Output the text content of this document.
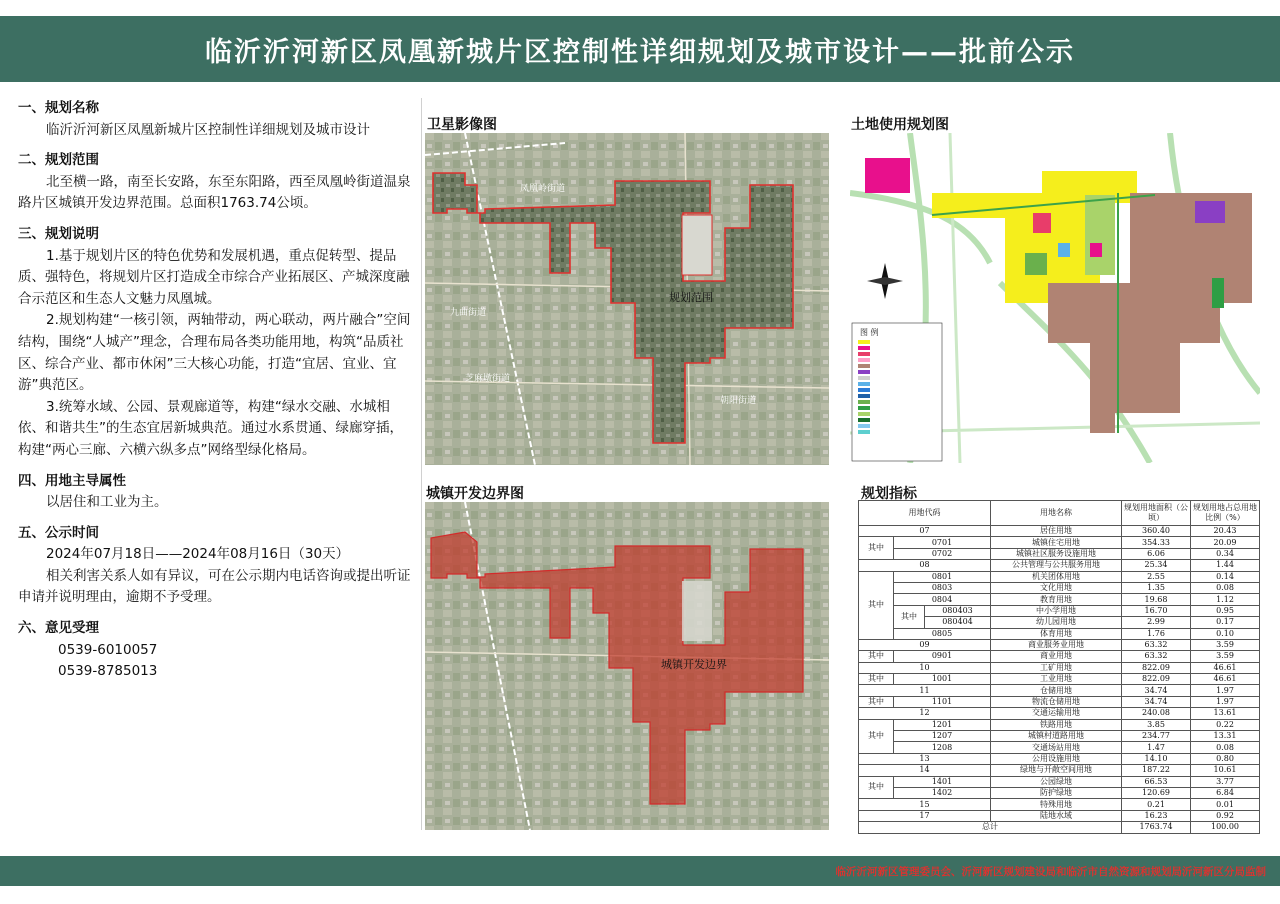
临沂沂河新区凤凰新城片区控制性详细规划及城市设计——批前公示
一、规划名称
临沂沂河新区凤凰新城片区控制性详细规划及城市设计
二、规划范围
北至横一路，南至长安路，东至东阳路，西至凤凰岭街道温泉路片区城镇开发边界范围。总面积1763.74公顷。
三、规划说明
1.基于规划片区的特色优势和发展机遇，重点促转型、提品质、强特色，将规划片区打造成全市综合产业拓展区、产城深度融合示范区和生态人文魅力凤凰城。
2.规划构建“一核引领，两轴带动，两心联动，两片融合”空间结构，围绕“人城产”理念，合理布局各类功能用地，构筑“品质社区、综合产业、都市休闲”三大核心功能，打造“宜居、宜业、宜游”典范区。
3.统筹水域、公园、景观廊道等，构建“绿水交融、水城相依、和谐共生”的生态宜居新城典范。通过水系贯通、绿廊穿插，构建“两心三廊、六横六纵多点”网络型绿化格局。
四、用地主导属性
以居住和工业为主。
五、公示时间
2024年07月18日——2024年08月16日（30天）
相关利害关系人如有异议，可在公示期内电话咨询或提出听证申请并说明理由，逾期不予受理。
六、意见受理
0539-6010057
0539-8785013
卫星影像图
凤凰岭街道
九曲街道
芝麻墩街道
朝阳街道
规划范围
土地使用规划图
图 例
城镇开发边界图
城镇开发边界
规划指标
用地代码			用地名称	规划用地面积（公顷）	规划用地占总用地比例（%）
07			居住用地	360.40	20.43
其中	0701		城镇住宅用地	354.33	20.09
	0702		城镇社区服务设施用地	6.06	0.34
08			公共管理与公共服务用地	25.34	1.44
其中	0801		机关团体用地	2.55	0.14
	0803		文化用地	1.35	0.08
	0804		教育用地	19.68	1.12
	其中	080403	中小学用地	16.70	0.95
		080404	幼儿园用地	2.99	0.17
	0805		体育用地	1.76	0.10
09			商业服务业用地	63.32	3.59
其中	0901		商业用地	63.32	3.59
10			工矿用地	822.09	46.61
其中	1001		工业用地	822.09	46.61
11			仓储用地	34.74	1.97
其中	1101		物流仓储用地	34.74	1.97
12			交通运输用地	240.08	13.61
其中	1201		铁路用地	3.85	0.22
	1207		城镇村道路用地	234.77	13.31
	1208		交通场站用地	1.47	0.08
13			公用设施用地	14.10	0.80
14			绿地与开敞空间用地	187.22	10.61
其中	1401		公园绿地	66.53	3.77
	1402		防护绿地	120.69	6.84
15			特殊用地	0.21	0.01
17			陆地水域	16.23	0.92
总计				1763.74	100.00
临沂沂河新区管理委员会、沂河新区规划建设局和临沂市自然资源和规划局沂河新区分局监制
